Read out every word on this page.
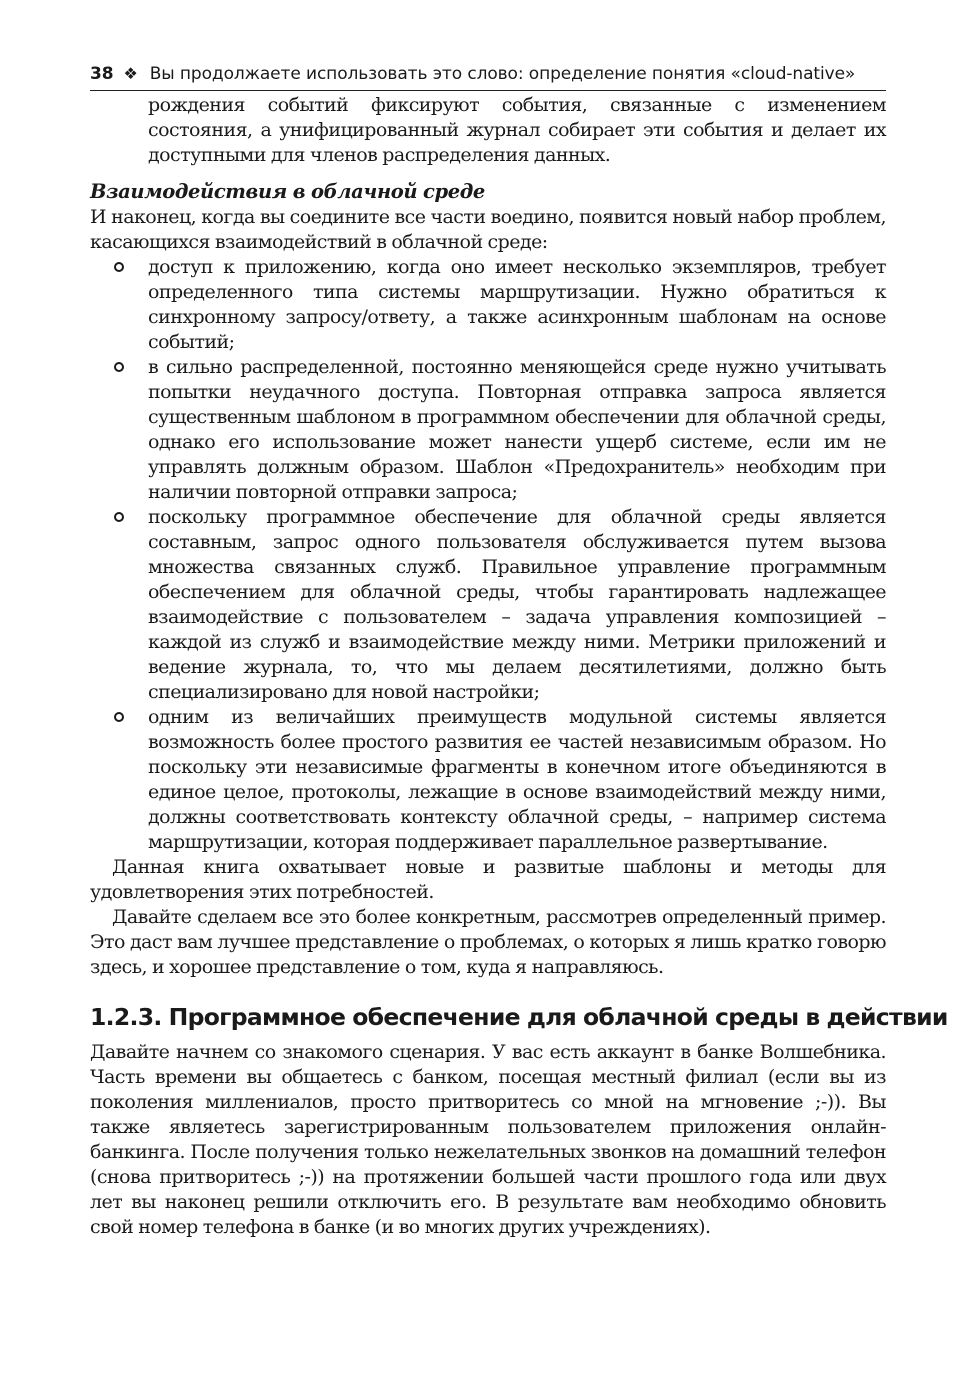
38 ❖ Вы продолжаете использовать это слово: определение понятия «cloud-native»

рождения событий фиксируют события, связанные с изменением состояния, а унифицированный журнал собирает эти события и делает их доступными для членов распределения данных.

Взаимодействия в облачной среде

И наконец, когда вы соедините все части воедино, появится новый набор проблем, касающихся взаимодействий в облачной среде:

доступ к приложению, когда оно имеет несколько экземпляров, требует определенного типа системы маршрутизации. Нужно обратиться к синхронному запросу/ответу, а также асинхронным шаблонам на основе событий;
в сильно распределенной, постоянно меняющейся среде нужно учитывать попытки неудачного доступа. Повторная отправка запроса является существенным шаблоном в программном обеспечении для облачной среды, однако его использование может нанести ущерб системе, если им не управлять должным образом. Шаблон «Предохранитель» необходим при наличии повторной отправки запроса;
поскольку программное обеспечение для облачной среды является составным, запрос одного пользователя обслуживается путем вызова множества связанных служб. Правильное управление программным обеспечением для облачной среды, чтобы гарантировать надлежащее взаимодействие с пользователем – задача управления композицией – каждой из служб и взаимодействие между ними. Метрики приложений и ведение журнала, то, что мы делаем десятилетиями, должно быть специализировано для новой настройки;
одним из величайших преимуществ модульной системы является возможность более простого развития ее частей независимым образом. Но поскольку эти независимые фрагменты в конечном итоге объединяются в единое целое, протоколы, лежащие в основе взаимодействий между ними, должны соответствовать контексту облачной среды, – например система маршрутизации, которая поддерживает параллельное развертывание.

Данная книга охватывает новые и развитые шаблоны и методы для удовлетворения этих потребностей.

Давайте сделаем все это более конкретным, рассмотрев определенный пример. Это даст вам лучшее представление о проблемах, о которых я лишь кратко говорю здесь, и хорошее представление о том, куда я направляюсь.

1.2.3. Программное обеспечение для облачной среды в действии

Давайте начнем со знакомого сценария. У вас есть аккаунт в банке Волшебника. Часть времени вы общаетесь с банком, посещая местный филиал (если вы из поколения миллениалов, просто притворитесь со мной на мгновение ;-)). Вы также являетесь зарегистрированным пользователем приложения онлайн-банкинга. После получения только нежелательных звонков на домашний телефон (снова притворитесь ;-)) на протяжении большей части прошлого года или двух лет вы наконец решили отключить его. В результате вам необходимо обновить свой номер телефона в банке (и во многих других учреждениях).
